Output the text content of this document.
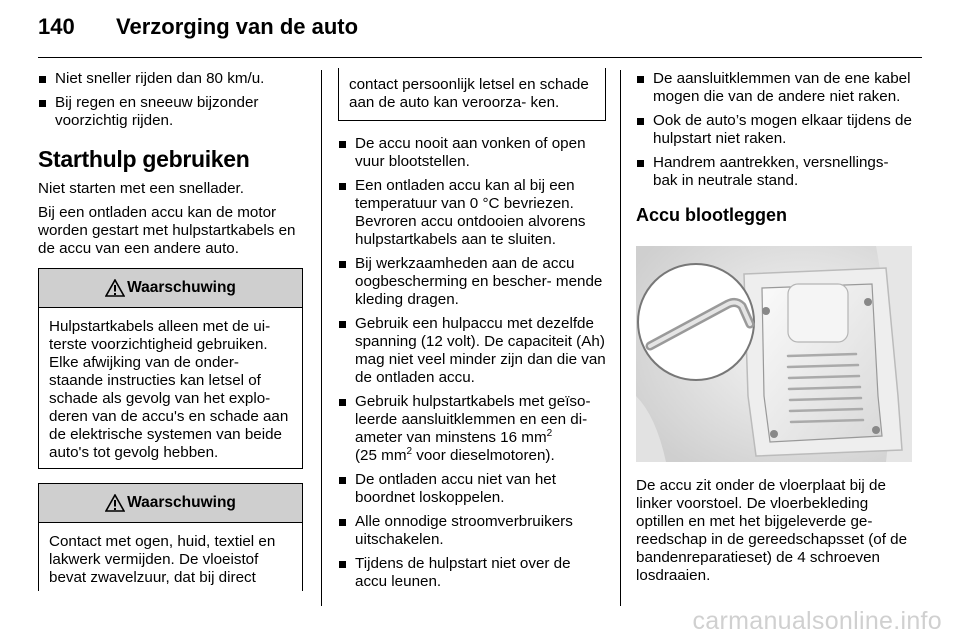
140 Verzorging van de auto
Niet sneller rijden dan 80 km/u.
Bij regen en sneeuw bijzonder voorzichtig rijden.
Starthulp gebruiken

Niet starten met een snellader.

Bij een ontladen accu kan de motor worden gestart met hulpstartkabels en de accu van een andere auto.

Waarschuwing
Hulpstartkabels alleen met de ui- terste voorzichtigheid gebruiken. Elke afwijking van de onder- staande instructies kan letsel of schade als gevolg van het explo- deren van de accu's en schade aan de elektrische systemen van beide auto's tot gevolg hebben.
Waarschuwing
Contact met ogen, huid, textiel en lakwerk vermijden. De vloeistof bevat zwavelzuur, dat bij direct
contact persoonlijk letsel en schade aan de auto kan veroorza- ken.
De accu nooit aan vonken of open vuur blootstellen.
Een ontladen accu kan al bij een temperatuur van 0 °C bevriezen. Bevroren accu ontdooien alvorens hulpstartkabels aan te sluiten.
Bij werkzaamheden aan de accu oogbescherming en bescher- mende kleding dragen.
Gebruik een hulpaccu met dezelfde spanning (12 volt). De capaciteit (Ah) mag niet veel minder zijn dan die van de ontladen accu.
Gebruik hulpstartkabels met geïso- leerde aansluitklemmen en een di- ameter van minstens 16 $mm^2$
(25 $mm^2$ voor dieselmotoren).
De ontladen accu niet van het boordnet loskoppelen.
Alle onnodige stroomverbruikers uitschakelen.
Tijdens de hulpstart niet over de accu leunen.
De aansluitklemmen van de ene kabel mogen die van de andere niet raken.
Ook de auto’s mogen elkaar tijdens de hulpstart niet raken.
Handrem aantrekken, versnellings- bak in neutrale stand.
Accu blootleggen

De accu zit onder de vloerplaat bij de linker voorstoel. De vloerbekleding optillen en met het bijgeleverde ge- reedschap in de gereedschapsset (of de bandenreparatieset) de 4 schroeven losdraaien.

carmanualsonline.info
